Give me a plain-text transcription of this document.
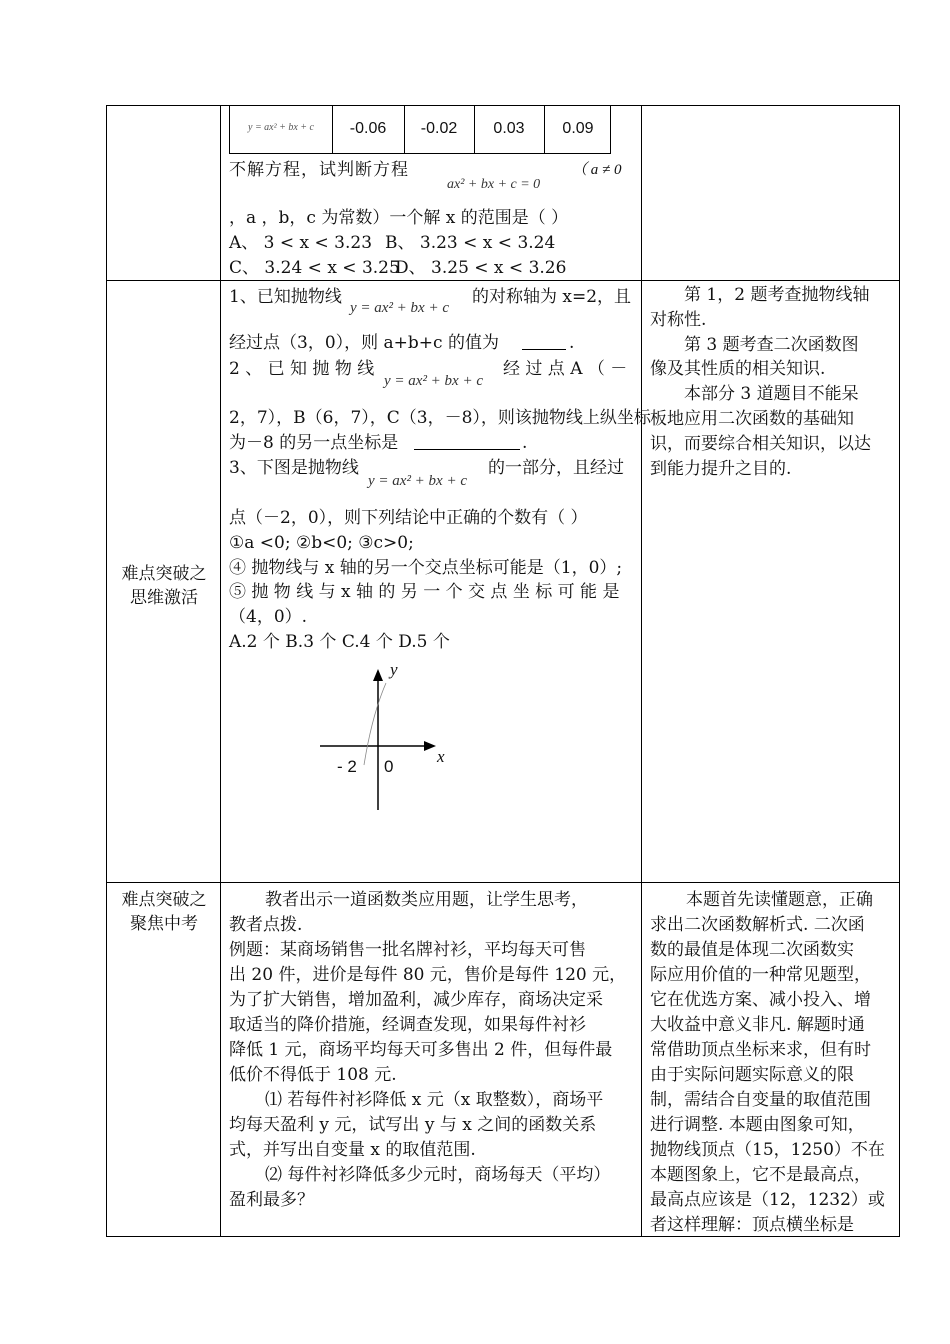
y = ax² + bx + c	-0.06	-0.02	0.03	0.09
不解方程，试判断方程
ax² + bx + c = 0
（ a ≠ 0
，a ，b，c 为常数）一个解 x 的范围是（ ）
A、 3 < x < 3.23 B、 3.23 < x < 3.24
C、 3.24 < x < 3.25
D、 3.25 < x < 3.26
难点突破之
思维激活
1、已知抛物线
y = ax² + bx + c
的对称轴为 x=2，且
经过点（3，0），则 a+b+c 的值为	.
2 、 已 知 抛 物 线
y = ax² + bx + c
经 过 点 A （ －
2，7），B（6，7），C（3，－8），则该抛物线上纵坐标
为－8 的另一点坐标是	.
3、下图是抛物线
y = ax² + bx + c
的一部分，且经过
点（－2，0），则下列结论中正确的个数有（ ）
①a <0; ②b<0; ③c>0;
④ 抛物线与 x 轴的另一个交点坐标可能是（1，0）;
⑤ 抛 物 线 与 x 轴 的 另 一 个 交 点 坐 标 可 能 是
（4，0）.
A.2 个 B.3 个 C.4 个 D.5 个
y
x
- 2 0
第 1，2 题考查抛物线轴
对称性.
第 3 题考查二次函数图
像及其性质的相关知识.
本部分 3 道题目不能呆
板地应用二次函数的基础知
识，而要综合相关知识，以达
到能力提升之目的.
难点突破之
聚焦中考
教者出示一道函数类应用题，让学生思考，
教者点拨.
例题：某商场销售一批名牌衬衫，平均每天可售
出 20 件，进价是每件 80 元，售价是每件 120 元，
为了扩大销售，增加盈利，减少库存，商场决定采
取适当的降价措施，经调查发现，如果每件衬衫
降低 1 元，商场平均每天可多售出 2 件，但每件最
低价不得低于 108 元.
⑴ 若每件衬衫降低 x 元（x 取整数），商场平
均每天盈利 y 元，试写出 y 与 x 之间的函数关系
式，并写出自变量 x 的取值范围.
⑵ 每件衬衫降低多少元时，商场每天（平均）
盈利最多？
本题首先读懂题意，正确
求出二次函数解析式. 二次函
数的最值是体现二次函数实
际应用价值的一种常见题型，
它在优选方案、减小投入、增
大收益中意义非凡. 解题时通
常借助顶点坐标来求，但有时
由于实际问题实际意义的限
制，需结合自变量的取值范围
进行调整. 本题由图象可知，
抛物线顶点（15，1250）不在
本题图象上，它不是最高点，
最高点应该是（12，1232）或
者这样理解：顶点横坐标是
